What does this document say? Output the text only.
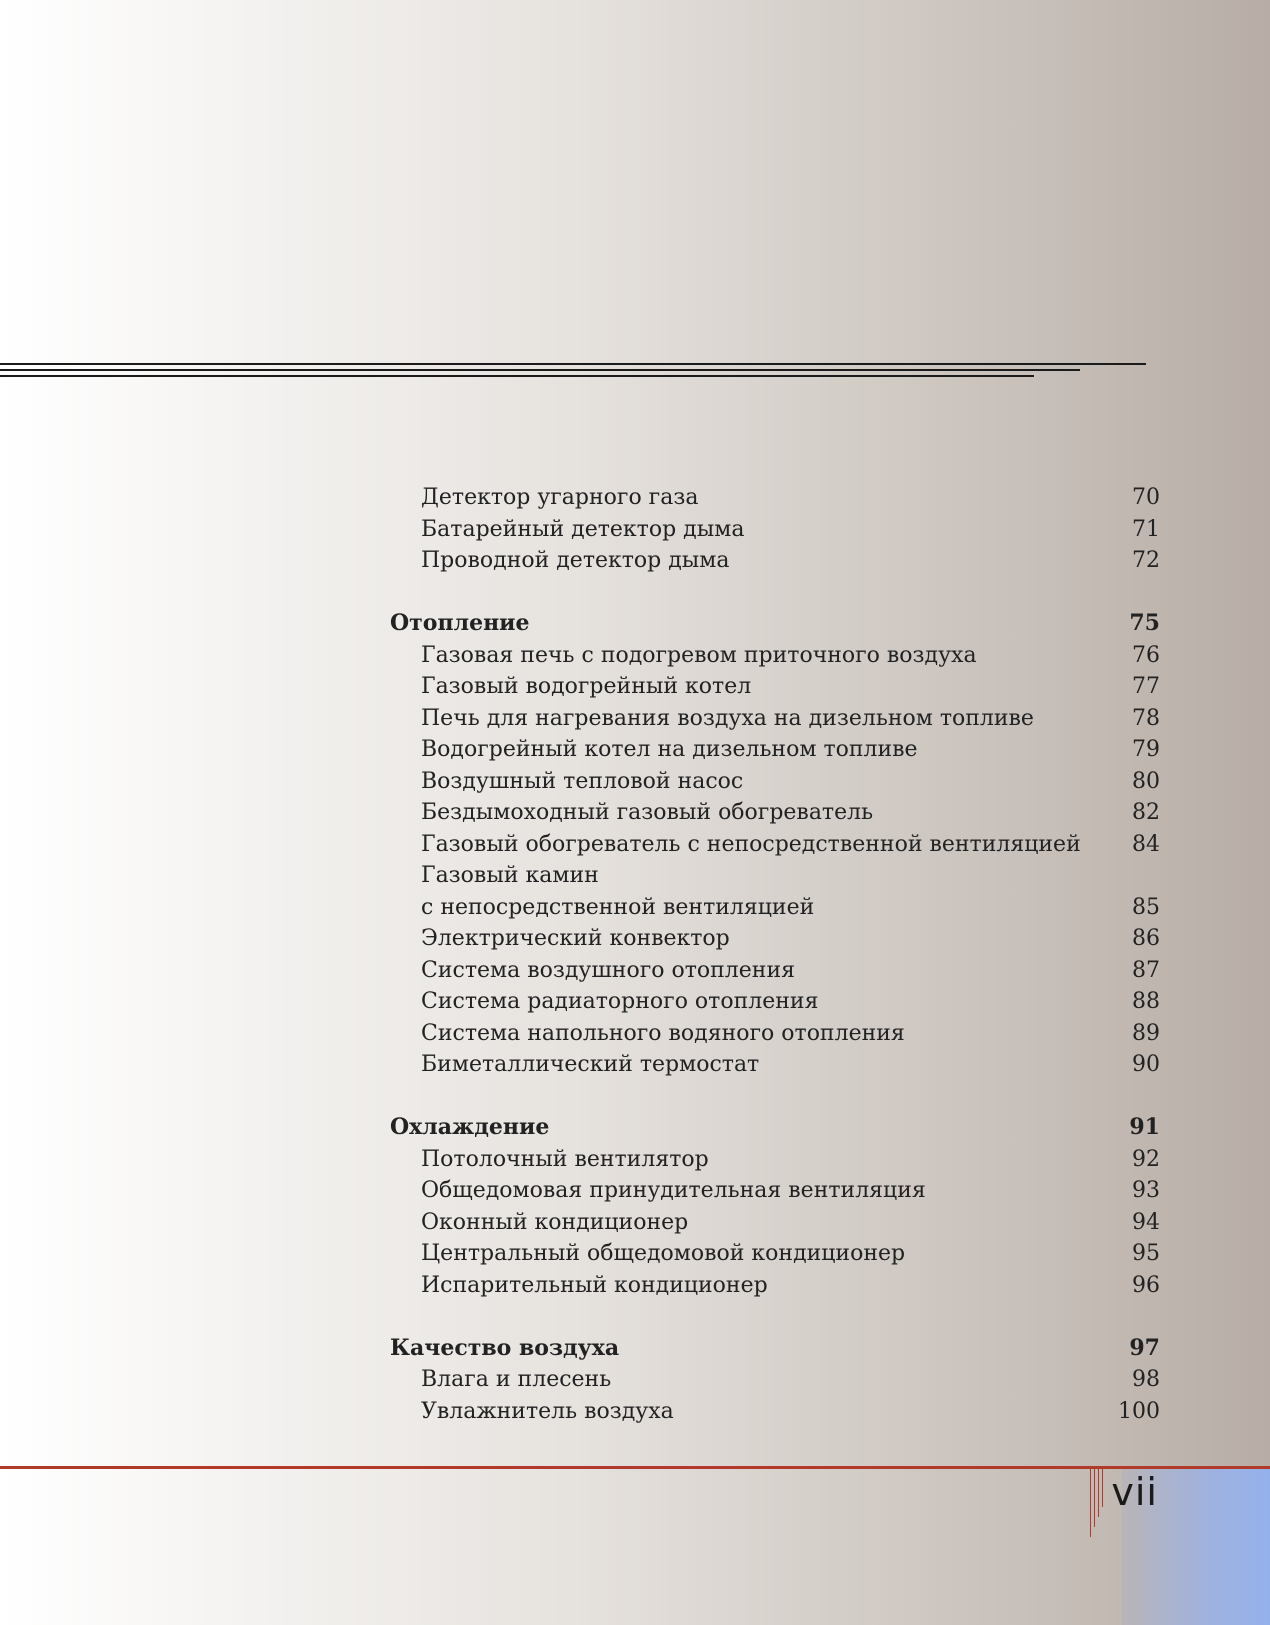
Детектор угарного газа	70
Батарейный детектор дыма	71
Проводной детектор дыма	72
Отопление	75
Газовая печь с подогревом приточного воздуха	76
Газовый водогрейный котел	77
Печь для нагревания воздуха на дизельном топливе	78
Водогрейный котел на дизельном топливе	79
Воздушный тепловой насос	80
Бездымоходный газовый обогреватель	82
Газовый обогреватель с непосредственной вентиляцией 84
Газовый камин
с непосредственной вентиляцией	85
Электрический конвектор	86
Система воздушного отопления	87
Система радиаторного отопления	88
Система напольного водяного отопления	89
Биметаллический термостат	90
Охлаждение	91
Потолочный вентилятор	92
Общедомовая принудительная вентиляция	93
Оконный кондиционер	94
Центральный общедомовой кондиционер	95
Испарительный кондиционер	96
Качество воздуха	97
Влага и плесень	98
Увлажнитель воздуха	100
vii
